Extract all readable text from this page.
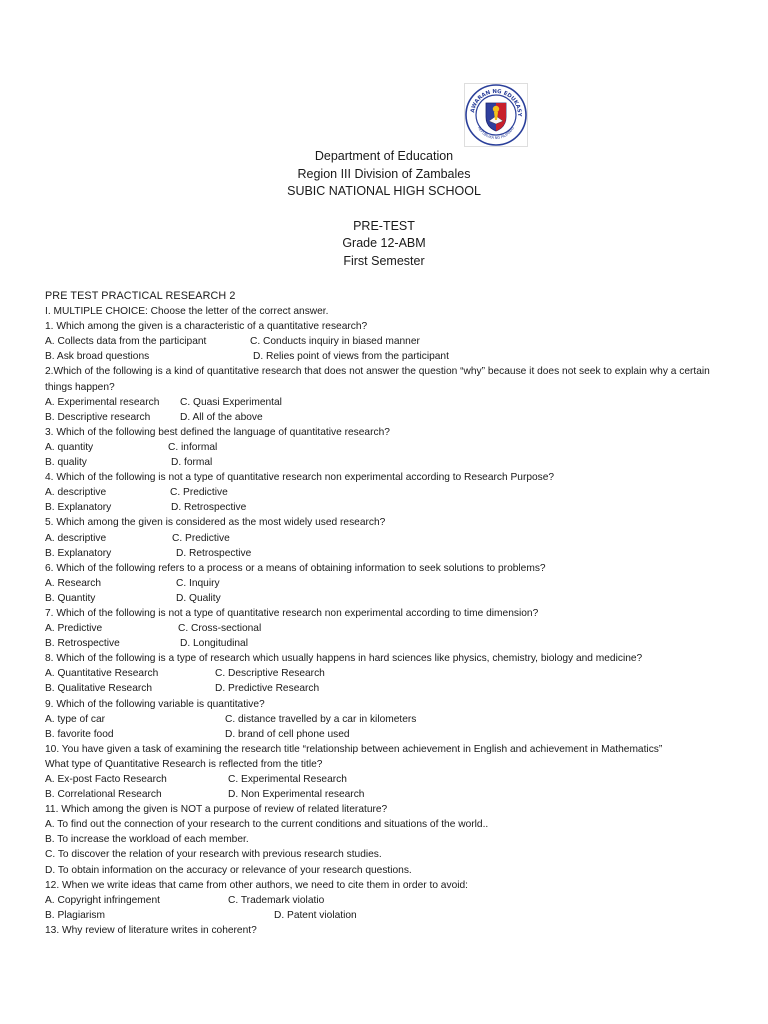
AWARAN NG EDUKASY
REPUBLIKA NG PILIPINAS
Department of Education
Region III Division of Zambales
SUBIC NATIONAL HIGH SCHOOL
PRE-TEST
Grade 12-ABM
First Semester
PRE TEST PRACTICAL RESEARCH 2
I. MULTIPLE CHOICE: Choose the letter of the correct answer.
1. Which among the given is a characteristic of a quantitative research?
A. Collects data from the participant	C. Conducts inquiry in biased manner
B. Ask broad questions	D. Relies point of views from the participant
2.Which of the following is a kind of quantitative research that does not answer the question “why” because it does not seek to explain why a certain things happen?
A. Experimental research C. Quasi Experimental
B. Descriptive research	D. All of the above
3. Which of the following best defined the language of quantitative research?
A. quantity	C. informal
B. quality	D. formal
4. Which of the following is not a type of quantitative research non experimental according to Research Purpose?
A. descriptive	C. Predictive
B. Explanatory	D. Retrospective
5. Which among the given is considered as the most widely used research?
A. descriptive	C. Predictive
B. Explanatory	D. Retrospective
6. Which of the following refers to a process or a means of obtaining information to seek solutions to problems?
A. Research	C. Inquiry
B. Quantity	D. Quality
7. Which of the following is not a type of quantitative research non experimental according to time dimension?
A. Predictive	C. Cross-sectional
B. Retrospective	D. Longitudinal
8. Which of the following is a type of research which usually happens in hard sciences like physics, chemistry, biology and medicine?
A. Quantitative Research	C. Descriptive Research
B. Qualitative Research	D. Predictive Research
9. Which of the following variable is quantitative?
A. type of car	C. distance travelled by a car in kilometers
B. favorite food	D. brand of cell phone used
10. You have given a task of examining the research title “relationship between achievement in English and achievement in Mathematics”
What type of Quantitative Research is reflected from the title?
A. Ex-post Facto Research	C. Experimental Research
B. Correlational Research	D. Non Experimental research
11. Which among the given is NOT a purpose of review of related literature?
A. To find out the connection of your research to the current conditions and situations of the world..
B. To increase the workload of each member.
C. To discover the relation of your research with previous research studies.
D. To obtain information on the accuracy or relevance of your research questions.
12. When we write ideas that came from other authors, we need to cite them in order to avoid:
A. Copyright infringement	C. Trademark violatio
B. Plagiarism	D. Patent violation
13. Why review of literature writes in coherent?
